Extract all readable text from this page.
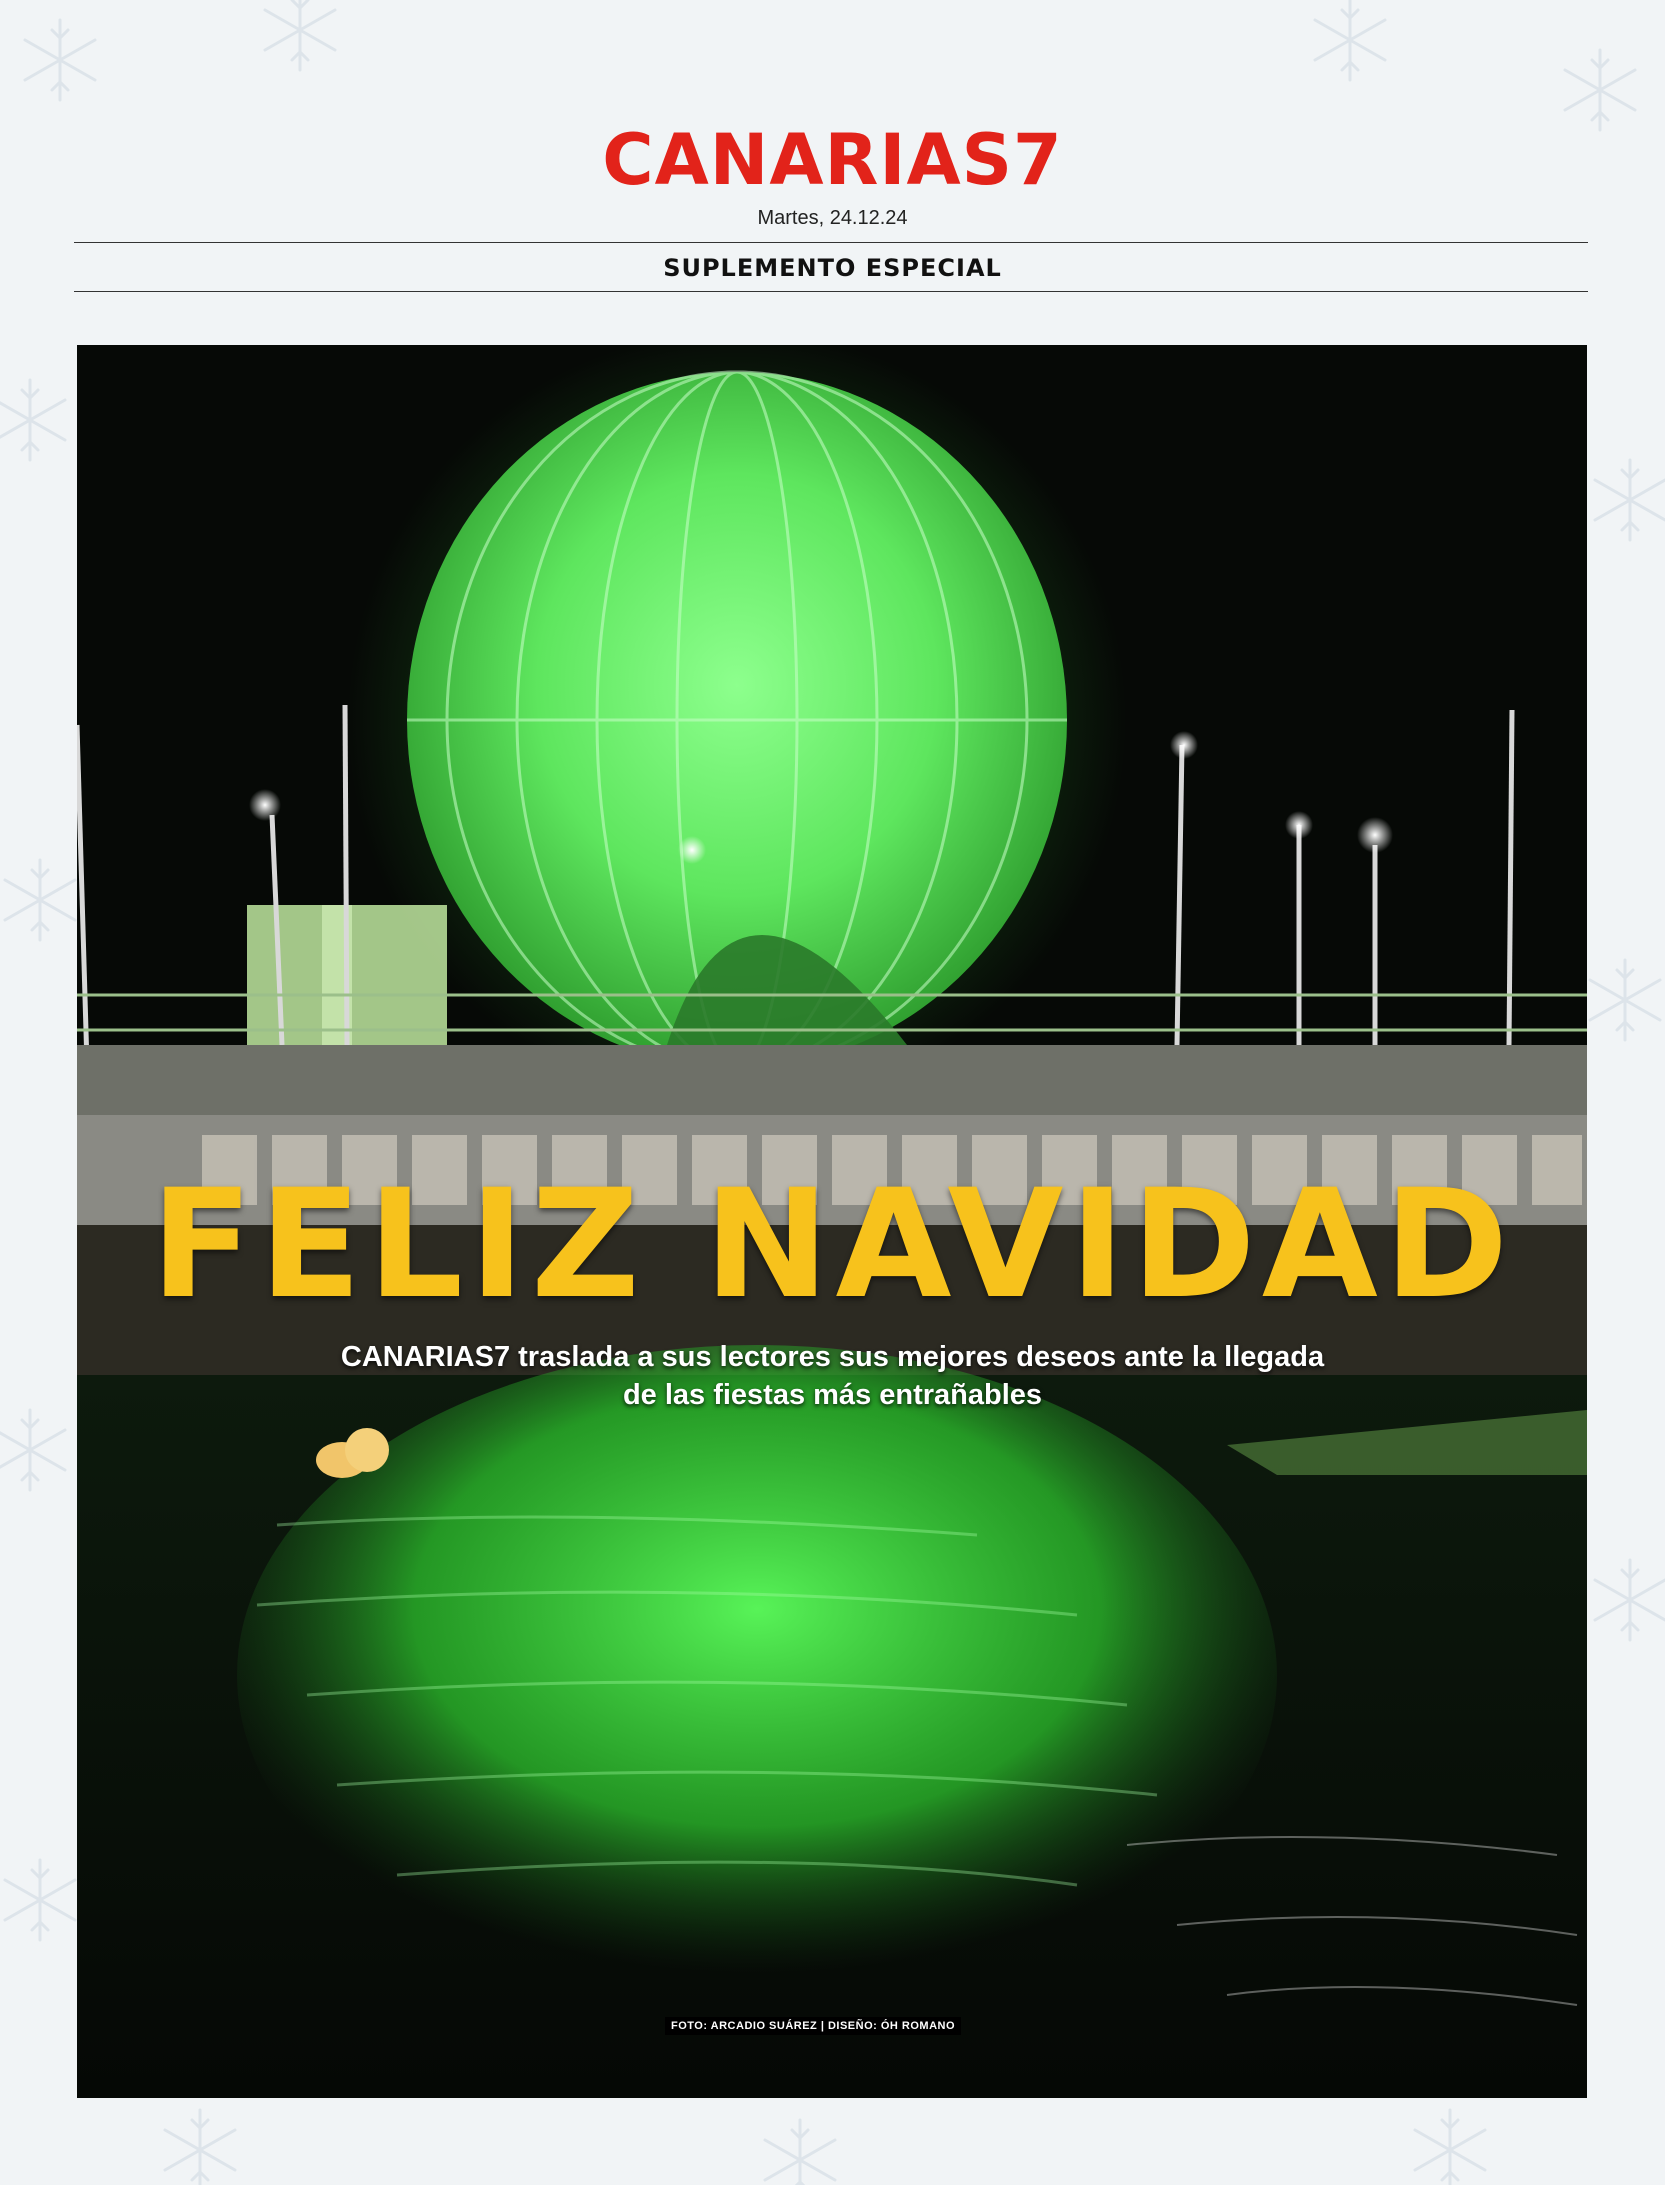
CANARIAS7
Martes, 24.12.24
SUPLEMENTO ESPECIAL
FELIZ NAVIDAD
CANARIAS7 traslada a sus lectores sus mejores deseos ante la llegada de las fiestas más entrañables
FOTO: ARCADIO SUÁREZ | DISEÑO: ÓH ROMANO
